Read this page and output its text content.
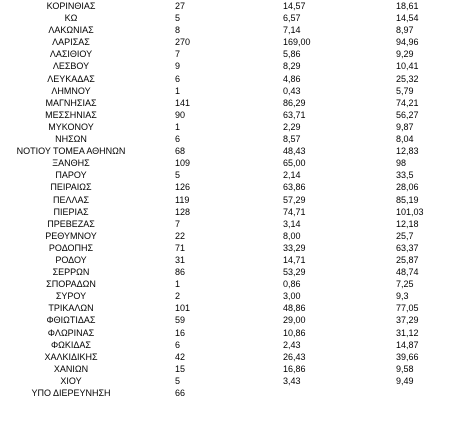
ΚΟΡΙΝΘΙΑΣ	27	14,57	18,61
ΚΩ	5	6,57	14,54
ΛΑΚΩΝΙΑΣ	8	7,14	8,97
ΛΑΡΙΣΑΣ	270	169,00	94,96
ΛΑΣΙΘΙΟΥ	7	5,86	9,29
ΛΕΣΒΟΥ	9	8,29	10,41
ΛΕΥΚΑΔΑΣ	6	4,86	25,32
ΛΗΜΝΟΥ	1	0,43	5,79
ΜΑΓΝΗΣΙΑΣ	141	86,29	74,21
ΜΕΣΣΗΝΙΑΣ	90	63,71	56,27
ΜΥΚΟΝΟΥ	1	2,29	9,87
ΝΗΣΩΝ	6	8,57	8,04
ΝΟΤΙΟΥ ΤΟΜΕΑ ΑΘΗΝΩΝ	68	48,43	12,83
ΞΑΝΘΗΣ	109	65,00	98
ΠΑΡΟΥ	5	2,14	33,5
ΠΕΙΡΑΙΩΣ	126	63,86	28,06
ΠΕΛΛΑΣ	119	57,29	85,19
ΠΙΕΡΙΑΣ	128	74,71	101,03
ΠΡΕΒΕΖΑΣ	7	3,14	12,18
ΡΕΘΥΜΝΟΥ	22	8,00	25,7
ΡΟΔΟΠΗΣ	71	33,29	63,37
ΡΟΔΟΥ	31	14,71	25,87
ΣΕΡΡΩΝ	86	53,29	48,74
ΣΠΟΡΑΔΩΝ	1	0,86	7,25
ΣΥΡΟΥ	2	3,00	9,3
ΤΡΙΚΑΛΩΝ	101	48,86	77,05
ΦΘΙΩΤΙΔΑΣ	59	29,00	37,29
ΦΛΩΡΙΝΑΣ	16	10,86	31,12
ΦΩΚΙΔΑΣ	6	2,43	14,87
ΧΑΛΚΙΔΙΚΗΣ	42	26,43	39,66
ΧΑΝΙΩΝ	15	16,86	9,58
ΧΙΟΥ	5	3,43	9,49
ΥΠΟ ΔΙΕΡΕΥΝΗΣΗ	66
